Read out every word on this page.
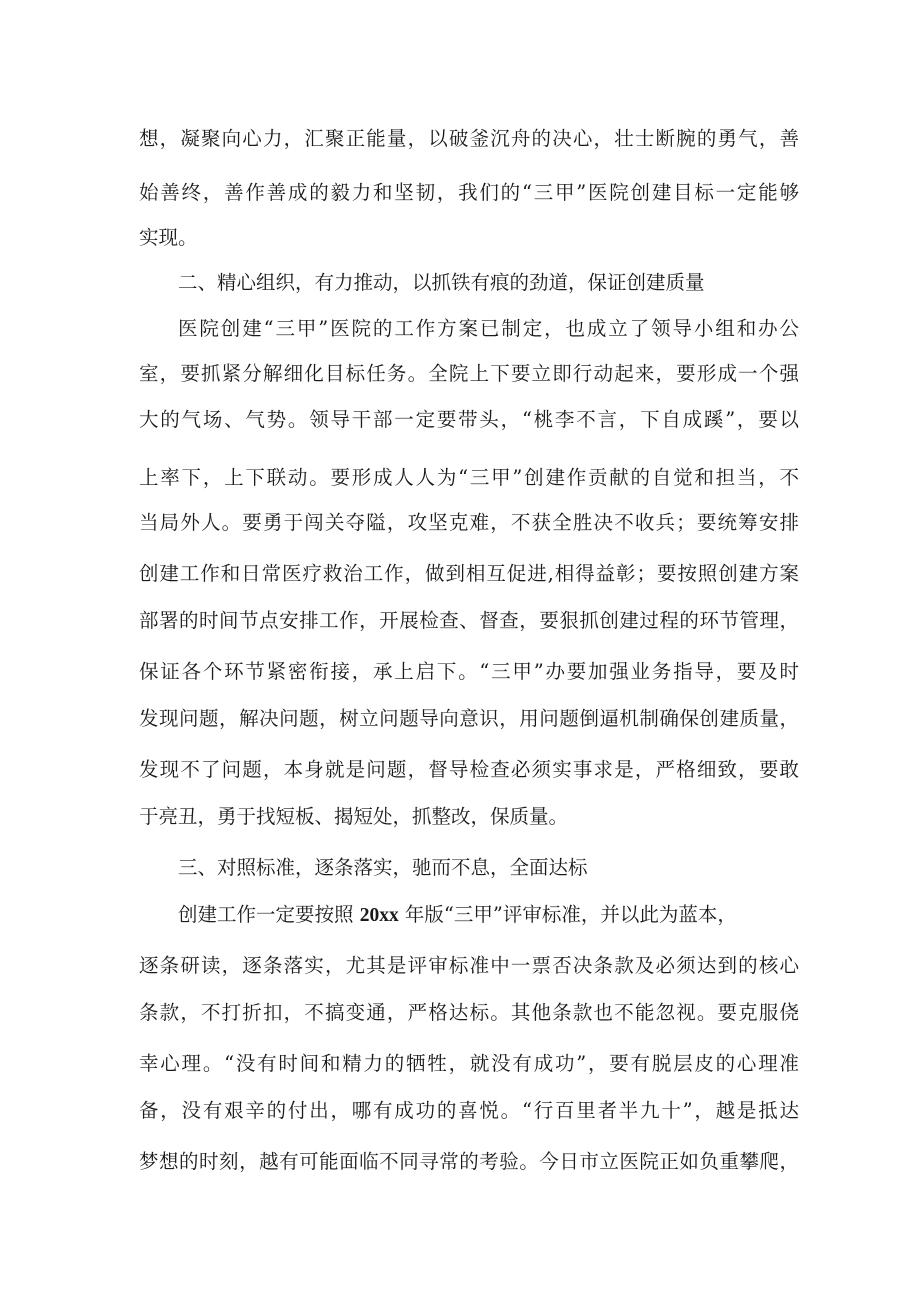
想，凝聚向心力，汇聚正能量，以破釜沉舟的决心，壮士断腕的勇气，善

始善终，善作善成的毅力和坚韧，我们的“三甲”医院创建目标一定能够

实现。

二、精心组织，有力推动，以抓铁有痕的劲道，保证创建质量

医院创建“三甲”医院的工作方案已制定，也成立了领导小组和办公

室，要抓紧分解细化目标任务。全院上下要立即行动起来，要形成一个强

大的气场、气势。领导干部一定要带头，“桃李不言，下自成蹊”，要以

上率下，上下联动。要形成人人为“三甲”创建作贡献的自觉和担当，不

当局外人。要勇于闯关夺隘，攻坚克难，不获全胜决不收兵；要统筹安排

创建工作和日常医疗救治工作，做到相互促进,相得益彰；要按照创建方案

部署的时间节点安排工作，开展检查、督查，要狠抓创建过程的环节管理，

保证各个环节紧密衔接，承上启下。“三甲”办要加强业务指导，要及时

发现问题，解决问题，树立问题导向意识，用问题倒逼机制确保创建质量，

发现不了问题，本身就是问题，督导检查必须实事求是，严格细致，要敢

于亮丑，勇于找短板、揭短处，抓整改，保质量。

三、对照标准，逐条落实，驰而不息，全面达标

创建工作一定要按照 20xx 年版“三甲”评审标准，并以此为蓝本，

逐条研读，逐条落实，尤其是评审标准中一票否决条款及必须达到的核心

条款，不打折扣，不搞变通，严格达标。其他条款也不能忽视。要克服侥

幸心理。“没有时间和精力的牺牲，就没有成功”，要有脱层皮的心理准

备，没有艰辛的付出，哪有成功的喜悦。“行百里者半九十”，越是抵达

梦想的时刻，越有可能面临不同寻常的考验。今日市立医院正如负重攀爬，
